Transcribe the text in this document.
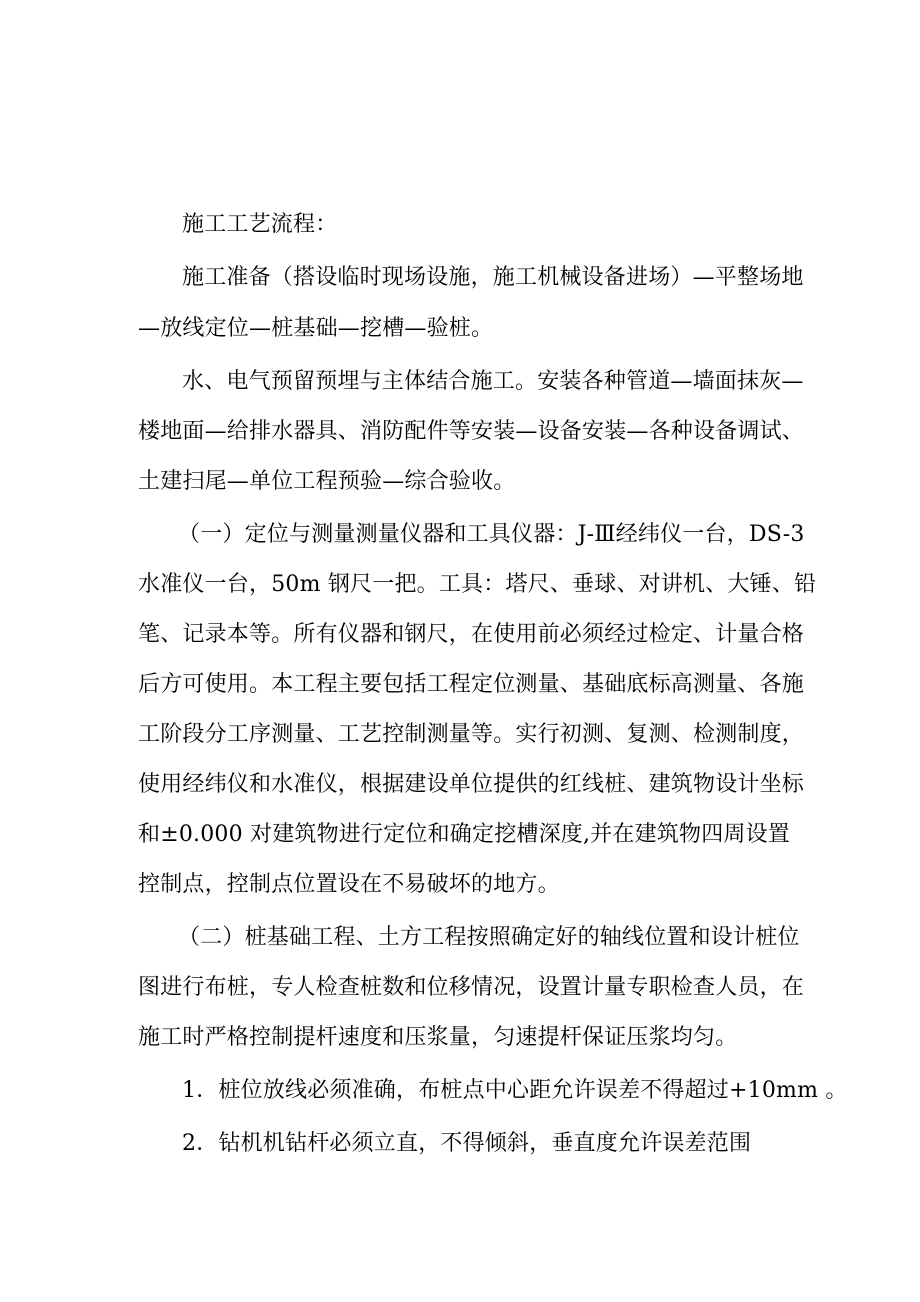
施工工艺流程：
施工准备（搭设临时现场设施，施工机械设备进场）—平整场地
—放线定位—桩基础—挖槽—验桩。
水、电气预留预埋与主体结合施工。安装各种管道—墙面抹灰—
楼地面—给排水器具、消防配件等安装—设备安装—各种设备调试、
土建扫尾—单位工程预验—综合验收。
（一）定位与测量测量仪器和工具仪器：J-Ⅲ经纬仪一台，DS-3
水准仪一台，50m 钢尺一把。工具：塔尺、垂球、对讲机、大锤、铅
笔、记录本等。所有仪器和钢尺，在使用前必须经过检定、计量合格
后方可使用。本工程主要包括工程定位测量、基础底标高测量、各施
工阶段分工序测量、工艺控制测量等。实行初测、复测、检测制度，
使用经纬仪和水准仪，根据建设单位提供的红线桩、建筑物设计坐标
和±0.000 对建筑物进行定位和确定挖槽深度,并在建筑物四周设置
控制点，控制点位置设在不易破坏的地方。
（二）桩基础工程、土方工程按照确定好的轴线位置和设计桩位
图进行布桩，专人检查桩数和位移情况，设置计量专职检查人员，在
施工时严格控制提杆速度和压浆量，匀速提杆保证压浆均匀。
1．桩位放线必须准确，布桩点中心距允许误差不得超过+10mm 。
2．钻机机钻杆必须立直，不得倾斜，垂直度允许误差范围
